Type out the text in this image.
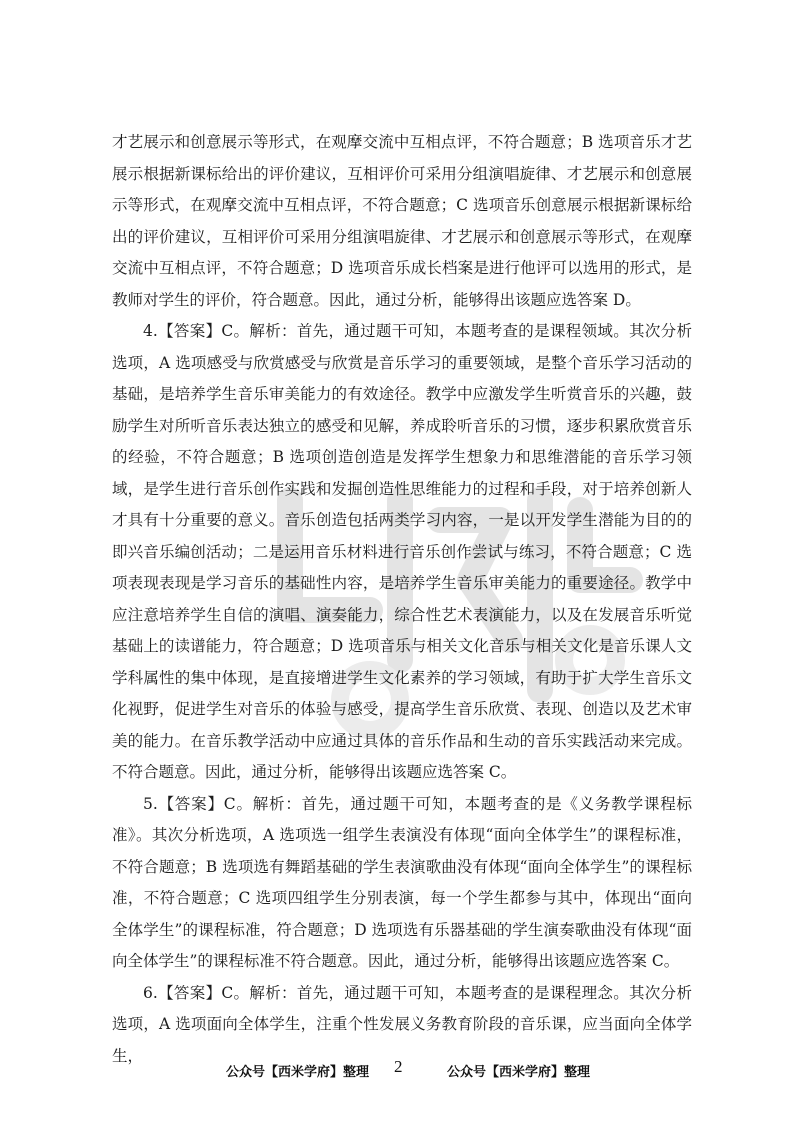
才艺展示和创意展示等形式，在观摩交流中互相点评，不符合题意；B 选项音乐才艺展示根据新课标给出的评价建议，互相评价可采用分组演唱旋律、才艺展示和创意展示等形式，在观摩交流中互相点评，不符合题意；C 选项音乐创意展示根据新课标给出的评价建议，互相评价可采用分组演唱旋律、才艺展示和创意展示等形式，在观摩交流中互相点评，不符合题意；D 选项音乐成长档案是进行他评可以选用的形式，是教师对学生的评价，符合题意。因此，通过分析，能够得出该题应选答案 D。

4.【答案】C。解析：首先，通过题干可知，本题考查的是课程领域。其次分析选项，A 选项感受与欣赏感受与欣赏是音乐学习的重要领域，是整个音乐学习活动的基础，是培养学生音乐审美能力的有效途径。教学中应激发学生听赏音乐的兴趣，鼓励学生对所听音乐表达独立的感受和见解，养成聆听音乐的习惯，逐步积累欣赏音乐的经验，不符合题意；B 选项创造创造是发挥学生想象力和思维潜能的音乐学习领域，是学生进行音乐创作实践和发掘创造性思维能力的过程和手段，对于培养创新人才具有十分重要的意义。音乐创造包括两类学习内容，一是以开发学生潜能为目的的即兴音乐编创活动；二是运用音乐材料进行音乐创作尝试与练习，不符合题意；C 选项表现表现是学习音乐的基础性内容，是培养学生音乐审美能力的重要途径。教学中应注意培养学生自信的演唱、演奏能力，综合性艺术表演能力，以及在发展音乐听觉基础上的读谱能力，符合题意；D 选项音乐与相关文化音乐与相关文化是音乐课人文学科属性的集中体现，是直接增进学生文化素养的学习领域，有助于扩大学生音乐文化视野，促进学生对音乐的体验与感受，提高学生音乐欣赏、表现、创造以及艺术审美的能力。在音乐教学活动中应通过具体的音乐作品和生动的音乐实践活动来完成。不符合题意。因此，通过分析，能够得出该题应选答案 C。

5.【答案】C。解析：首先，通过题干可知，本题考查的是《义务教学课程标准》。其次分析选项，A 选项选一组学生表演没有体现“面向全体学生”的课程标准，不符合题意；B 选项选有舞蹈基础的学生表演歌曲没有体现“面向全体学生”的课程标准，不符合题意；C 选项四组学生分别表演，每一个学生都参与其中，体现出“面向全体学生”的课程标准，符合题意；D 选项选有乐器基础的学生演奏歌曲没有体现“面向全体学生”的课程标准不符合题意。因此，通过分析，能够得出该题应选答案 C。

6.【答案】C。解析：首先，通过题干可知，本题考查的是课程理念。其次分析选项，A 选项面向全体学生，注重个性发展义务教育阶段的音乐课，应当面向全体学生，

公众号【西米学府】整理 2	公众号【西米学府】整理
